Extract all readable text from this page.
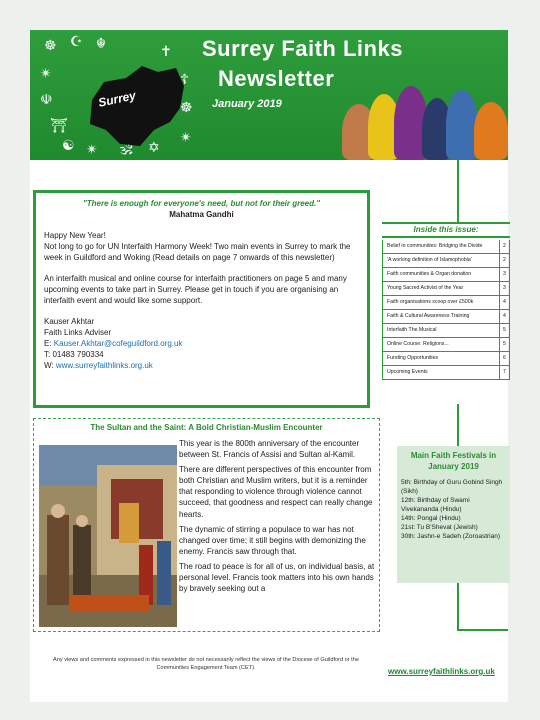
Surrey
☸ ☪ ☬
✴
☫
⛩
☯ ✴ 🕉 ✡
✝
☦
☸
✴
Surrey Faith Links
Newsletter
January 2019
"There is enough for everyone's need, but not for their greed."
Mahatma Gandhi

Happy New Year!
Not long to go for UN Interfaith Harmony Week! Two main events in Surrey to mark the week in Guildford and Woking (Read details on page 7 onwards of this newsletter)

An interfaith musical and online course for interfaith practitioners on page 5 and many upcoming events to take part in Surrey. Please get in touch if you are organising an interfaith event and would like some support.

Kauser Akhtar
Faith Links Adviser
E: Kauser.Akhtar@cofeguildford.org.uk
T: 01483 790334
W: www.surreyfaithlinks.org.uk
The Sultan and the Saint: A Bold Christian-Muslim Encounter

This year is the 800th anniversary of the encounter between St. Francis of Assisi and Sultan al-Kamil.

There are different perspectives of this encounter from both Christian and Muslim writers, but it is a reminder that responding to violence through violence cannot succeed, that goodness and respect can really change hearts.

The dynamic of stirring a populace to war has not changed over time; it still begins with demonizing the enemy. Francis saw through that.

The road to peace is for all of us, on individual basis, at personal level. Francis took matters into his own hands by bravely seeking out a

Inside this issue:
Belief in communities: Bridging the Divide	2
'A working definition of Islamophobia'	2
Faith communities & Organ donation	3
Young Sacred Activist of the Year	3
Faith organisations scoop over £500k	4
Faith & Cultural Awareness Training	4
Interfaith The Musical	5
Online Course: Religions...	5
Funding Opportunities	6
Upcoming Events	7
Main Faith Festivals in January 2019
5th: Birthday of Guru Gobind Singh (Sikh)
12th: Birthday of Swami Vivekananda (Hindu)
14th: Pongal (Hindu)
21st: Tu B'Shevat (Jewish)
30th: Jashn-e Sadeh (Zoroastrian)
Any views and comments expressed in this newsletter do not necessarily reflect the views of the Diocese of Guildford or the Communities Engagement Team (CET).	www.surreyfaithlinks.org.uk
